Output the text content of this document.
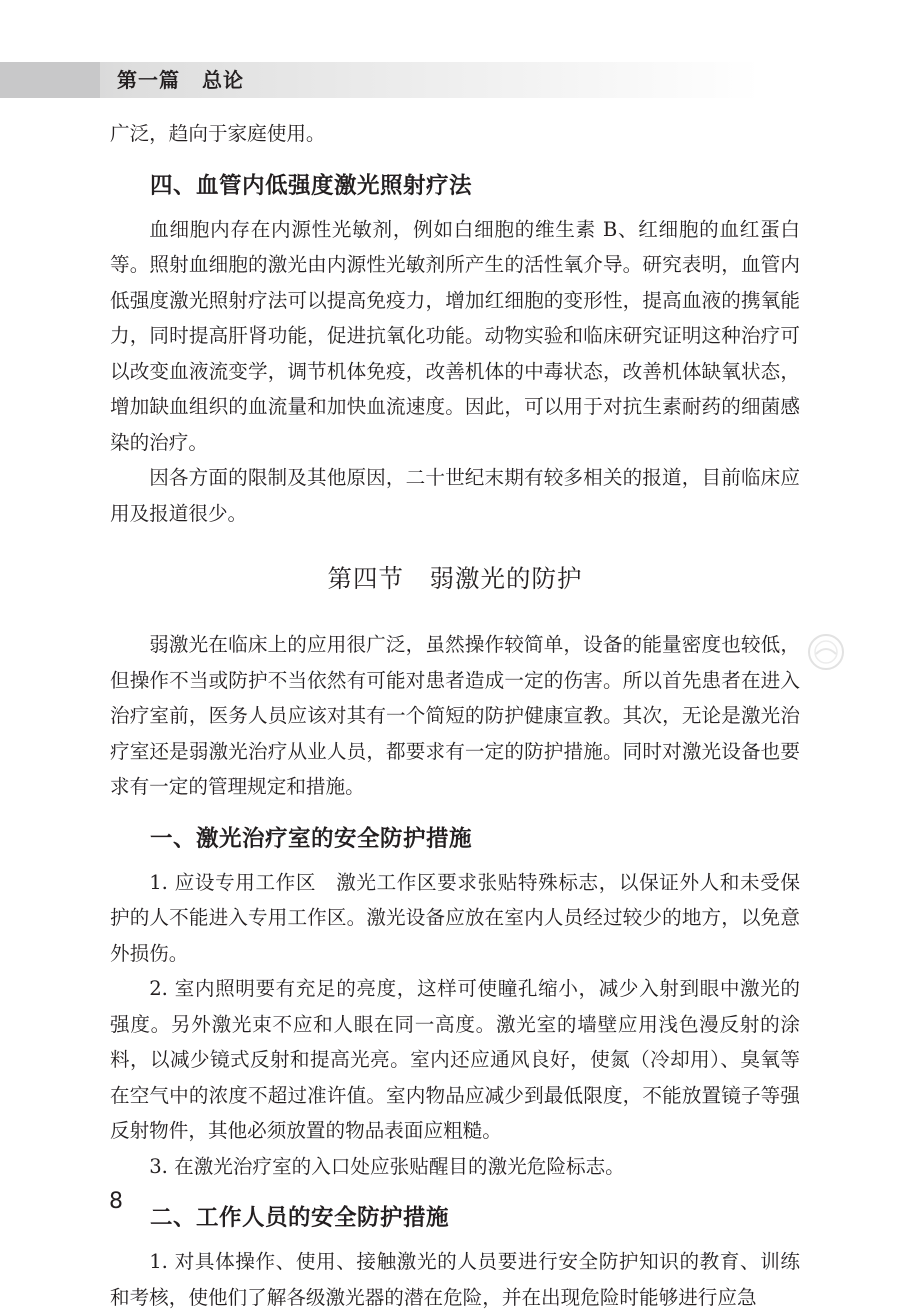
第一篇 总论

广泛，趋向于家庭使用。

四、血管内低强度激光照射疗法

血细胞内存在内源性光敏剂，例如白细胞的维生素 B、红细胞的血红蛋白等。照射血细胞的激光由内源性光敏剂所产生的活性氧介导。研究表明，血管内低强度激光照射疗法可以提高免疫力，增加红细胞的变形性，提高血液的携氧能力，同时提高肝肾功能，促进抗氧化功能。动物实验和临床研究证明这种治疗可以改变血液流变学，调节机体免疫，改善机体的中毒状态，改善机体缺氧状态，增加缺血组织的血流量和加快血流速度。因此，可以用于对抗生素耐药的细菌感染的治疗。

因各方面的限制及其他原因，二十世纪末期有较多相关的报道，目前临床应用及报道很少。

第四节　弱激光的防护

弱激光在临床上的应用很广泛，虽然操作较简单，设备的能量密度也较低，但操作不当或防护不当依然有可能对患者造成一定的伤害。所以首先患者在进入治疗室前，医务人员应该对其有一个简短的防护健康宣教。其次，无论是激光治疗室还是弱激光治疗从业人员，都要求有一定的防护措施。同时对激光设备也要求有一定的管理规定和措施。

一、激光治疗室的安全防护措施

1. 应设专用工作区　激光工作区要求张贴特殊标志，以保证外人和未受保护的人不能进入专用工作区。激光设备应放在室内人员经过较少的地方，以免意外损伤。

2. 室内照明要有充足的亮度，这样可使瞳孔缩小，减少入射到眼中激光的强度。另外激光束不应和人眼在同一高度。激光室的墙壁应用浅色漫反射的涂料，以减少镜式反射和提高光亮。室内还应通风良好，使氮（冷却用）、臭氧等在空气中的浓度不超过准许值。室内物品应减少到最低限度，不能放置镜子等强反射物件，其他必须放置的物品表面应粗糙。

3. 在激光治疗室的入口处应张贴醒目的激光危险标志。

二、工作人员的安全防护措施

1. 对具体操作、使用、接触激光的人员要进行安全防护知识的教育、训练和考核，使他们了解各级激光器的潜在危险，并在出现危险时能够进行应急

8
